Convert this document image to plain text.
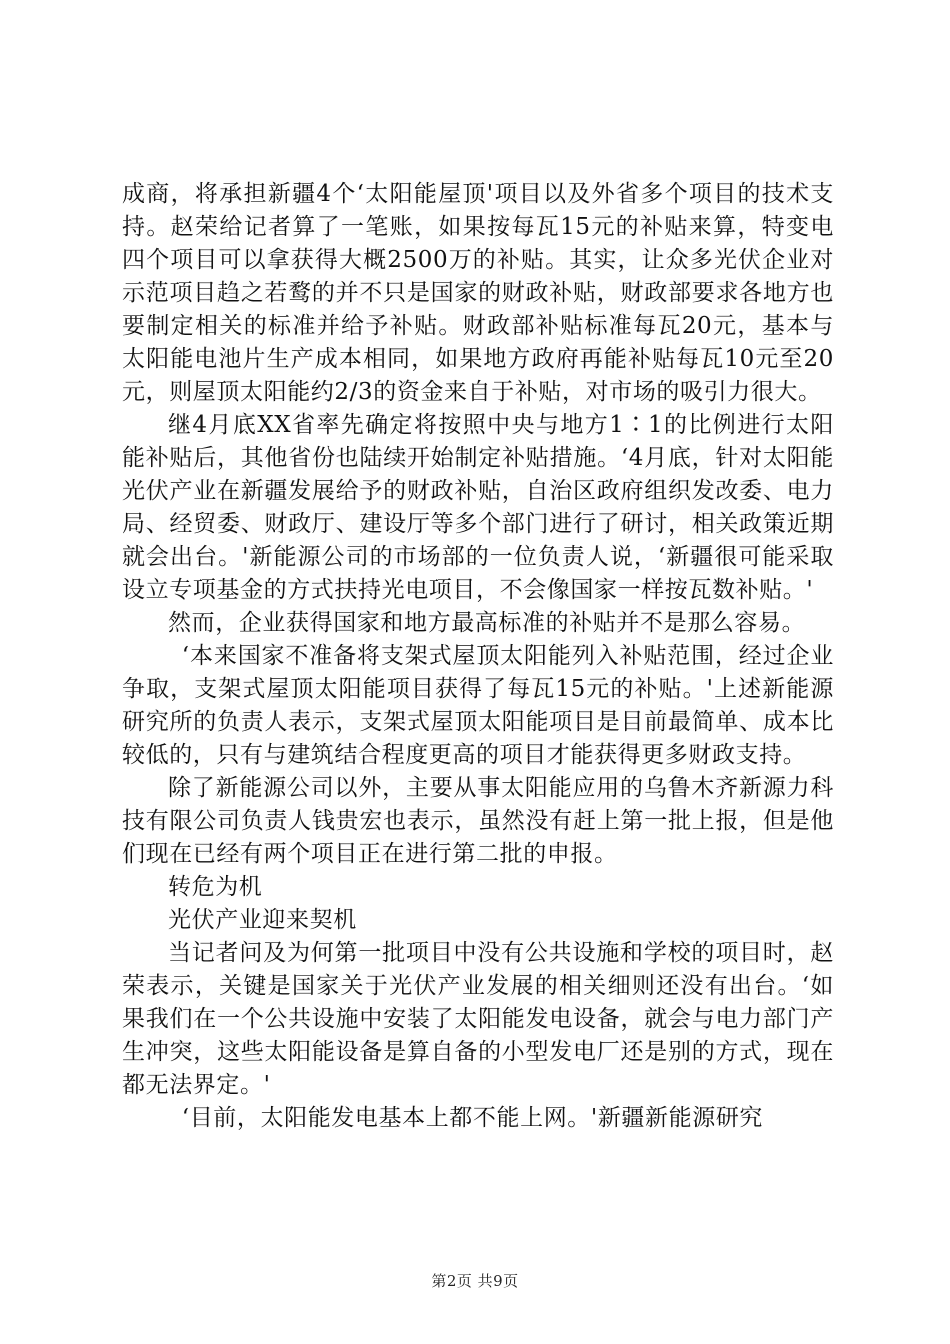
成商，将承担新疆4个‘太阳能屋顶'项目以及外省多个项目的技术支持。赵荣给记者算了一笔账，如果按每瓦15元的补贴来算，特变电四个项目可以拿获得大概2500万的补贴。其实，让众多光伏企业对示范项目趋之若鹜的并不只是国家的财政补贴，财政部要求各地方也要制定相关的标准并给予补贴。财政部补贴标准每瓦20元，基本与太阳能电池片生产成本相同，如果地方政府再能补贴每瓦10元至20元，则屋顶太阳能约2/3的资金来自于补贴，对市场的吸引力很大。

继4月底XX省率先确定将按照中央与地方1∶1的比例进行太阳能补贴后，其他省份也陆续开始制定补贴措施。‘4月底，针对太阳能光伏产业在新疆发展给予的财政补贴，自治区政府组织发改委、电力局、经贸委、财政厅、建设厅等多个部门进行了研讨，相关政策近期就会出台。'新能源公司的市场部的一位负责人说，‘新疆很可能采取设立专项基金的方式扶持光电项目，不会像国家一样按瓦数补贴。'

然而，企业获得国家和地方最高标准的补贴并不是那么容易。

‘本来国家不准备将支架式屋顶太阳能列入补贴范围，经过企业争取，支架式屋顶太阳能项目获得了每瓦15元的补贴。'上述新能源研究所的负责人表示，支架式屋顶太阳能项目是目前最简单、成本比较低的，只有与建筑结合程度更高的项目才能获得更多财政支持。

除了新能源公司以外，主要从事太阳能应用的乌鲁木齐新源力科技有限公司负责人钱贵宏也表示，虽然没有赶上第一批上报，但是他们现在已经有两个项目正在进行第二批的申报。

转危为机

光伏产业迎来契机

当记者问及为何第一批项目中没有公共设施和学校的项目时，赵荣表示，关键是国家关于光伏产业发展的相关细则还没有出台。‘如果我们在一个公共设施中安装了太阳能发电设备，就会与电力部门产生冲突，这些太阳能设备是算自备的小型发电厂还是别的方式，现在都无法界定。'

‘目前，太阳能发电基本上都不能上网。'新疆新能源研究

第2页 共9页
